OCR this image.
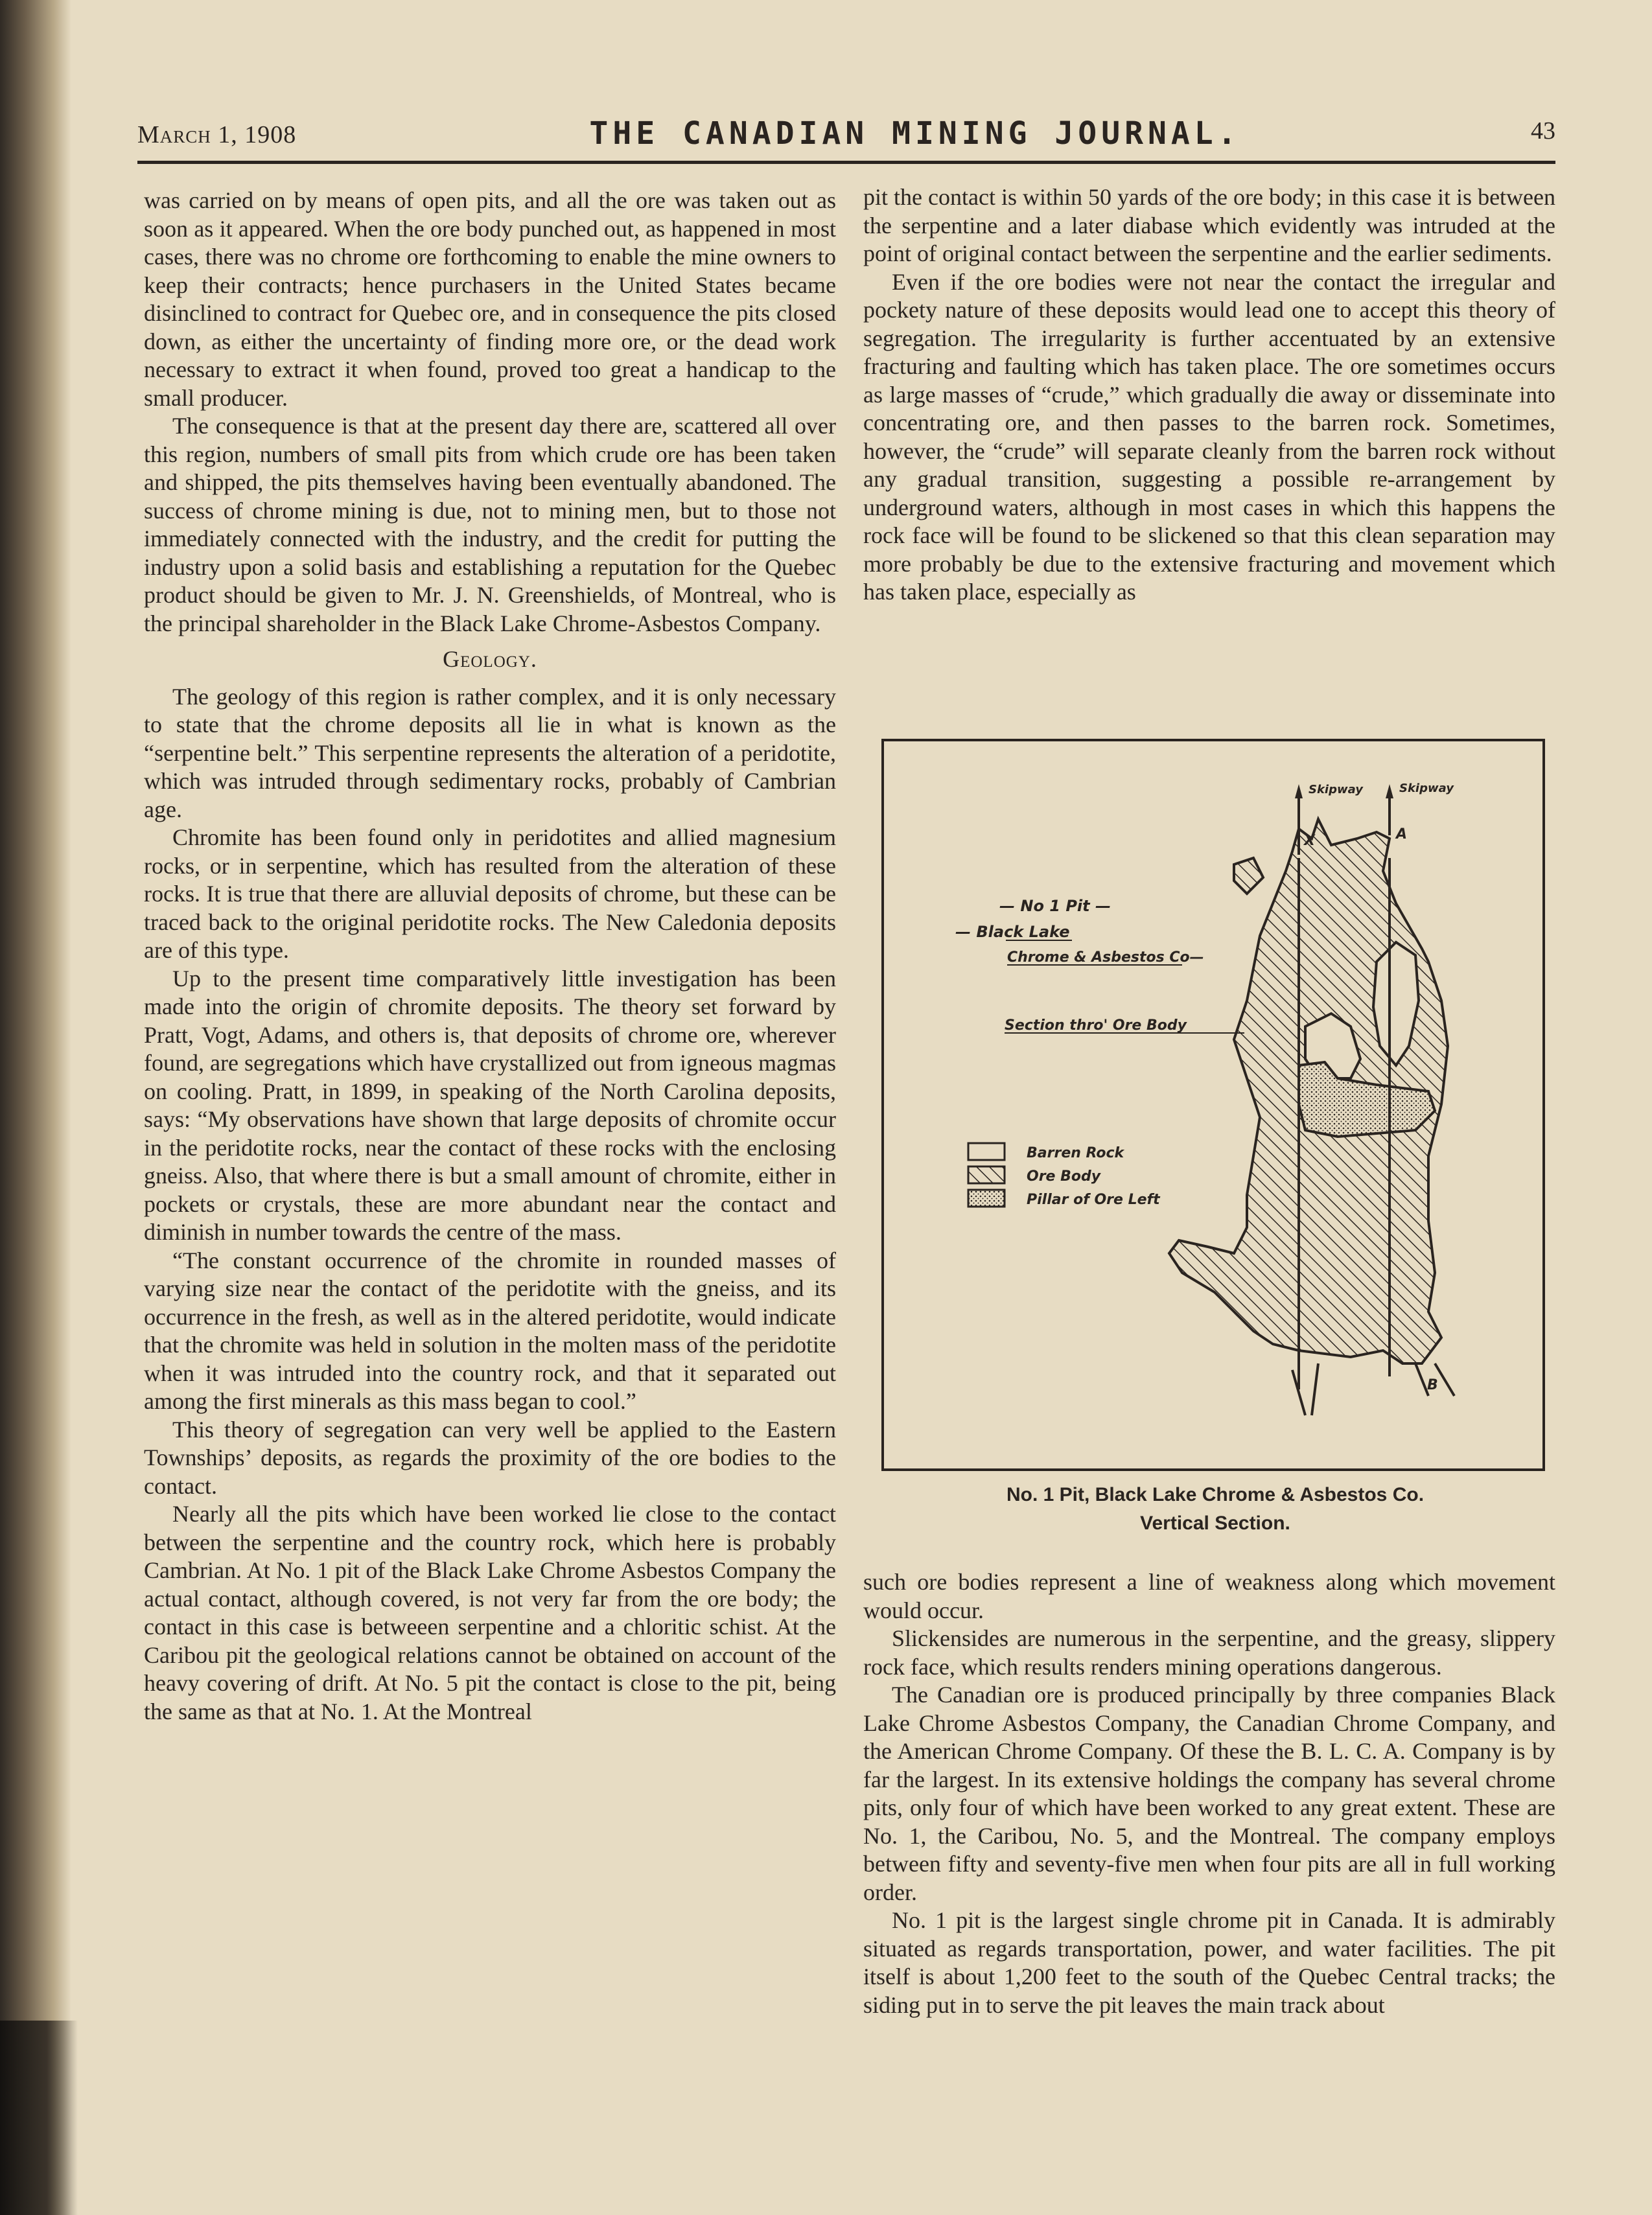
March 1, 1908	THE CANADIAN MINING JOURNAL.	43

was carried on by means of open pits, and all the ore was taken out as soon as it appeared. When the ore body punched out, as happened in most cases, there was no chrome ore forthcoming to enable the mine owners to keep their contracts; hence purchasers in the United States became disinclined to contract for Quebec ore, and in consequence the pits closed down, as either the uncertainty of finding more ore, or the dead work necessary to extract it when found, proved too great a handicap to the small producer.

The consequence is that at the present day there are, scattered all over this region, numbers of small pits from which crude ore has been taken and shipped, the pits themselves having been eventually abandoned. The success of chrome mining is due, not to mining men, but to those not immediately connected with the industry, and the credit for putting the industry upon a solid basis and establishing a reputation for the Quebec product should be given to Mr. J. N. Greenshields, of Montreal, who is the principal shareholder in the Black Lake Chrome-Asbestos Company.

Geology.

The geology of this region is rather complex, and it is only necessary to state that the chrome deposits all lie in what is known as the “serpentine belt.” This serpentine represents the alteration of a peridotite, which was intruded through sedimentary rocks, probably of Cambrian age.

Chromite has been found only in peridotites and allied magnesium rocks, or in serpentine, which has resulted from the alteration of these rocks. It is true that there are alluvial deposits of chrome, but these can be traced back to the original peridotite rocks. The New Caledonia deposits are of this type.

Up to the present time comparatively little investigation has been made into the origin of chromite deposits. The theory set forward by Pratt, Vogt, Adams, and others is, that deposits of chrome ore, wherever found, are segregations which have crystallized out from igneous magmas on cooling. Pratt, in 1899, in speaking of the North Carolina deposits, says: “My observations have shown that large deposits of chromite occur in the peridotite rocks, near the contact of these rocks with the enclosing gneiss. Also, that where there is but a small amount of chromite, either in pockets or crystals, these are more abundant near the contact and diminish in number towards the centre of the mass.

“The constant occurrence of the chromite in rounded masses of varying size near the contact of the peridotite with the gneiss, and its occurrence in the fresh, as well as in the altered peridotite, would indicate that the chromite was held in solution in the molten mass of the peridotite when it was intruded into the country rock, and that it separated out among the first minerals as this mass began to cool.”

This theory of segregation can very well be applied to the Eastern Townships’ deposits, as regards the proximity of the ore bodies to the contact.

Nearly all the pits which have been worked lie close to the contact between the serpentine and the country rock, which here is probably Cambrian. At No. 1 pit of the Black Lake Chrome Asbestos Company the actual contact, although covered, is not very far from the ore body; the contact in this case is betweeen serpentine and a chloritic schist. At the Caribou pit the geological relations cannot be obtained on account of the heavy covering of drift. At No. 5 pit the contact is close to the pit, being the same as that at No. 1. At the Montreal

pit the contact is within 50 yards of the ore body; in this case it is between the serpentine and a later diabase which evidently was intruded at the point of original contact between the serpentine and the earlier sediments.

Even if the ore bodies were not near the contact the irregular and pockety nature of these deposits would lead one to accept this theory of segregation. The irregularity is further accentuated by an extensive fracturing and faulting which has taken place. The ore sometimes occurs as large masses of “crude,” which gradually die away or disseminate into concentrating ore, and then passes to the barren rock. Sometimes, however, the “crude” will separate cleanly from the barren rock without any gradual transition, suggesting a possible re-arrangement by underground waters, although in most cases in which this happens the rock face will be found to be slickened so that this clean separation may more probably be due to the extensive fracturing and movement which has taken place, especially as

Skipway	Skipway
X	A
B
— No 1 Pit —
— Black Lake
Chrome & Asbestos Co—
Section thro' Ore Body
Barren Rock
Ore Body
Pillar of Ore Left
No. 1 Pit, Black Lake Chrome & Asbestos Co.
Vertical Section.

such ore bodies represent a line of weakness along which movement would occur.

Slickensides are numerous in the serpentine, and the greasy, slippery rock face, which results renders mining operations dangerous.

The Canadian ore is produced principally by three companies Black Lake Chrome Asbestos Company, the Canadian Chrome Company, and the American Chrome Company. Of these the B. L. C. A. Company is by far the largest. In its extensive holdings the company has several chrome pits, only four of which have been worked to any great extent. These are No. 1, the Caribou, No. 5, and the Montreal. The company employs between fifty and seventy-five men when four pits are all in full working order.

No. 1 pit is the largest single chrome pit in Canada. It is admirably situated as regards transportation, power, and water facilities. The pit itself is about 1,200 feet to the south of the Quebec Central tracks; the siding put in to serve the pit leaves the main track about
